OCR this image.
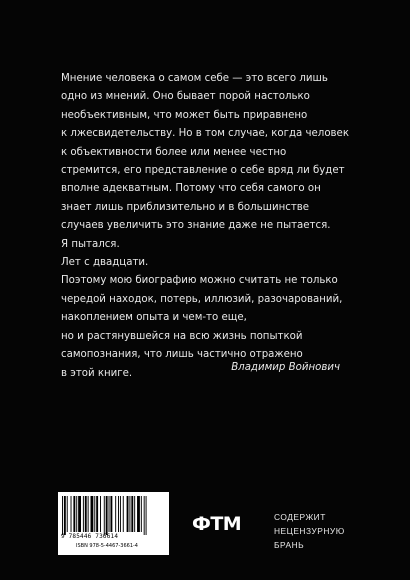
Мнение человека о самом себе — это всего лишь
одно из мнений. Оно бывает порой настолько
необъективным, что может быть приравнено
к лжесвидетельству. Но в том случае, когда человек
к объективности более или менее честно
стремится, его представление о себе вряд ли будет
вполне адекватным. Потому что себя самого он
знает лишь приблизительно и в большинстве
случаев увеличить это знание даже не пытается.
Я пытался.
Лет с двадцати.
Поэтому мою биографию можно считать не только
чередой находок, потерь, иллюзий, разочарований,
накоплением опыта и чем-то еще,
но и растянувшейся на всю жизнь попыткой
самопознания, что лишь частично отражено
в этой книге.	Владимир Войнович
9 785446 736614
ISBN 978-5-4467-3661-4
ФТМ	СОДЕРЖИТ
НЕЦЕНЗУРНУЮ
БРАНЬ
